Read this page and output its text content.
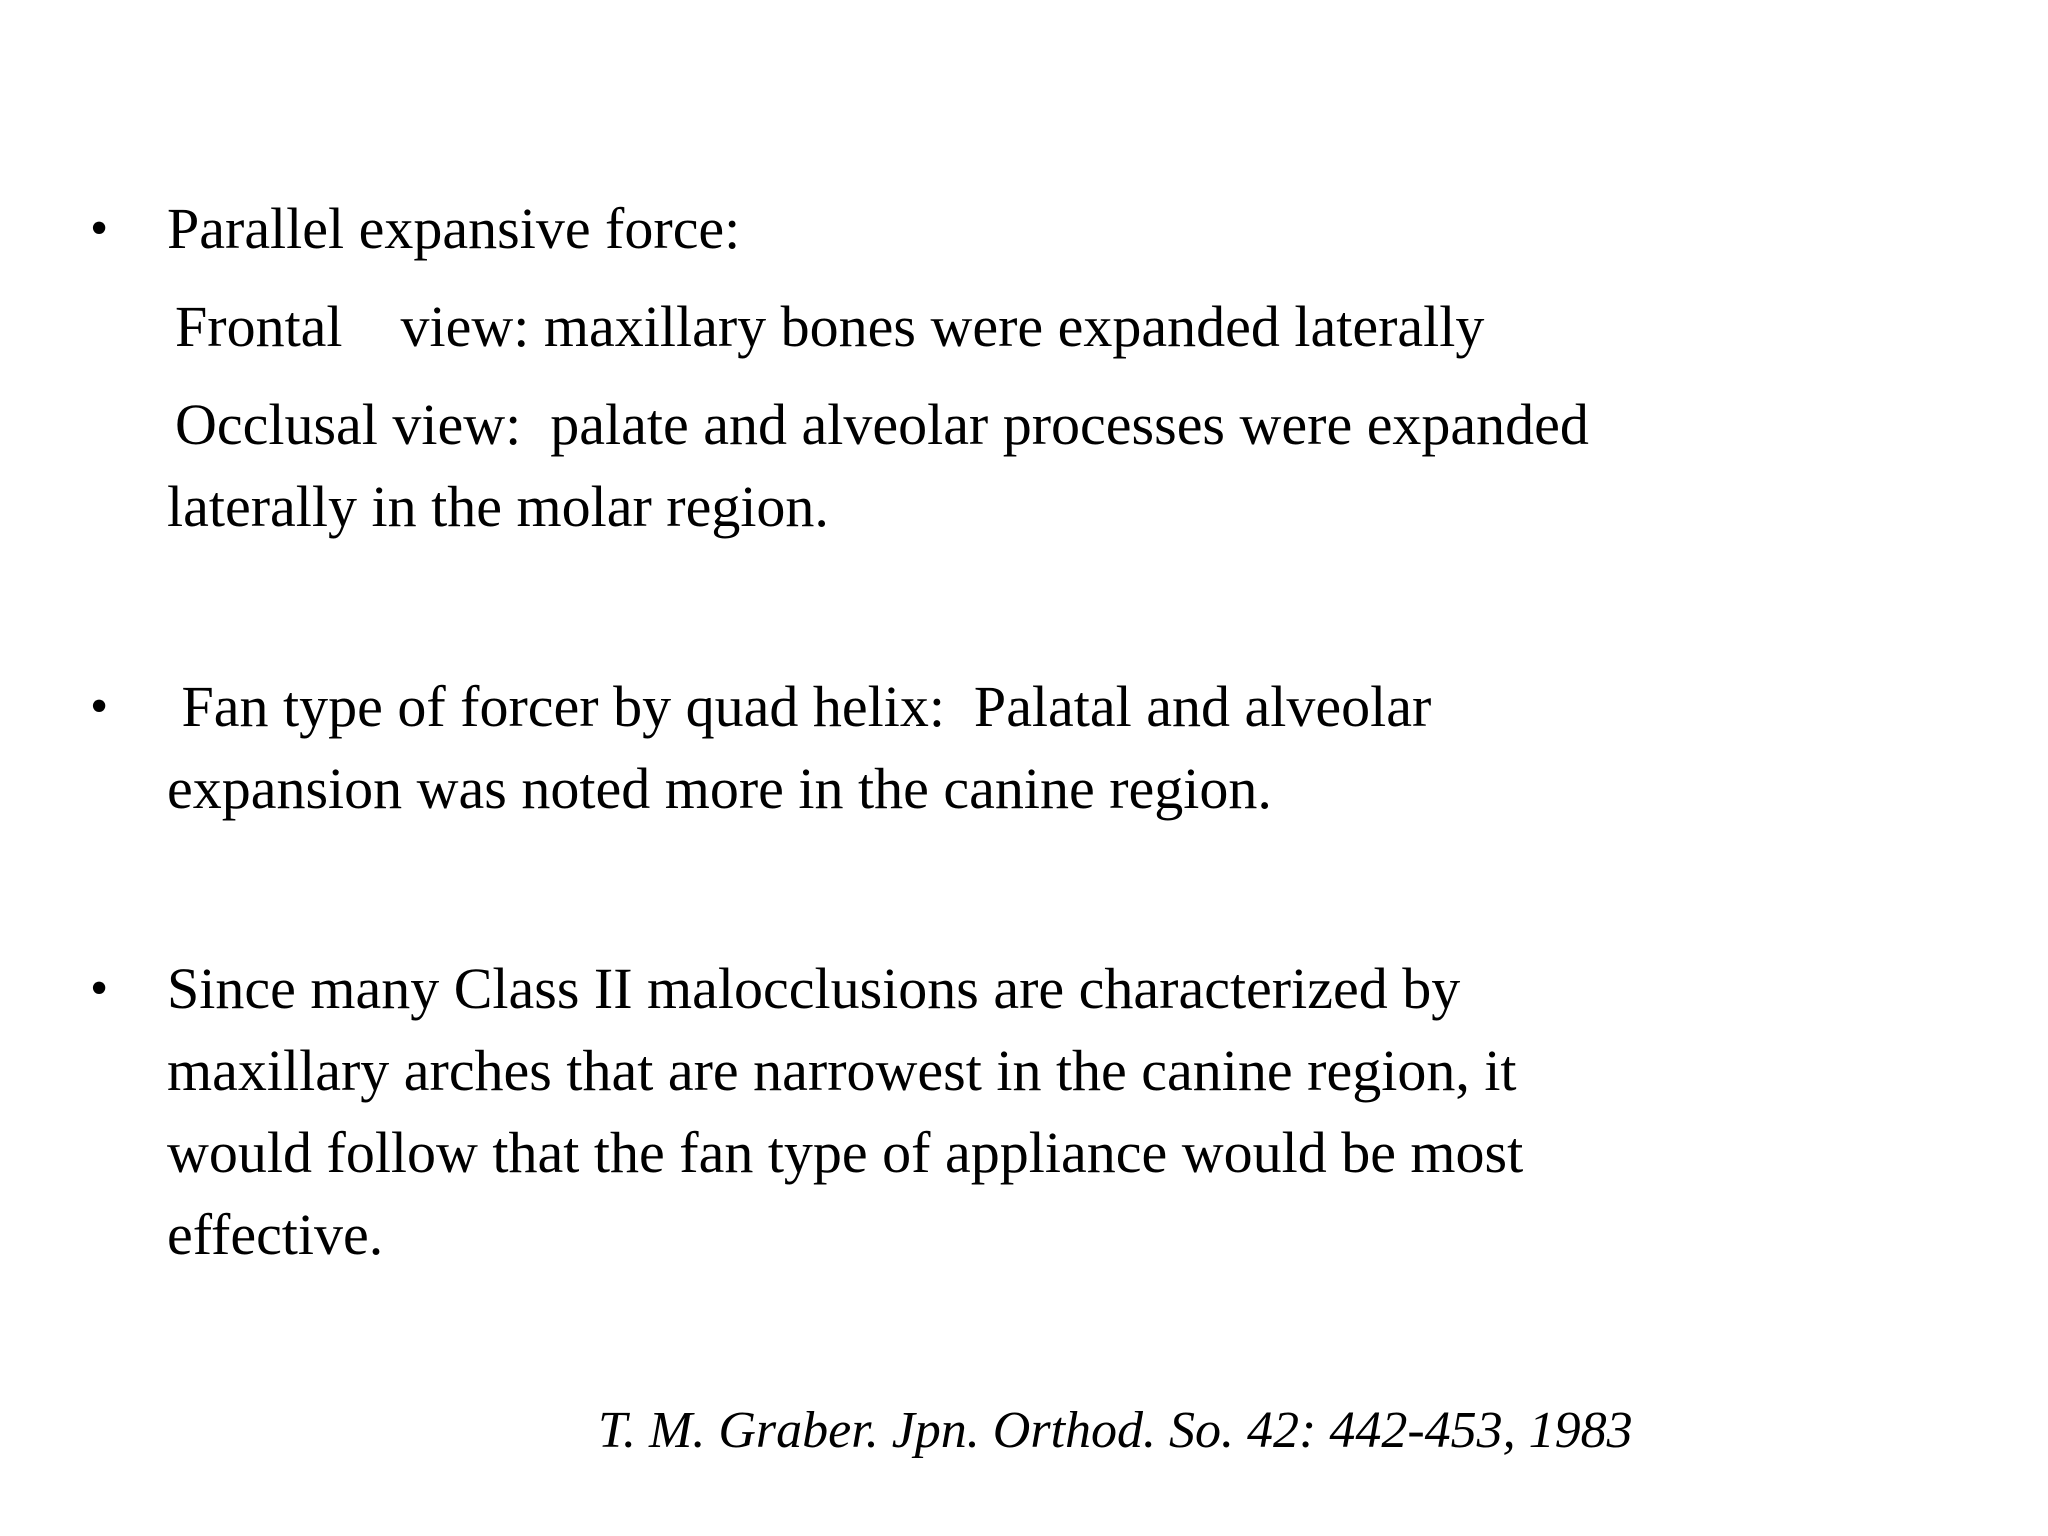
• Parallel expansive force:
Frontal    view: maxillary bones were expanded laterally
Occlusal view:  palate and alveolar processes were expanded
laterally in the molar region.
• Fan type of forcer by quad helix:  Palatal and alveolar
expansion was noted more in the canine region.
• Since many Class II malocclusions are characterized by
maxillary arches that are narrowest in the canine region, it
would follow that the fan type of appliance would be most
effective.
T. M. Graber. Jpn. Orthod. So. 42: 442-453, 1983
